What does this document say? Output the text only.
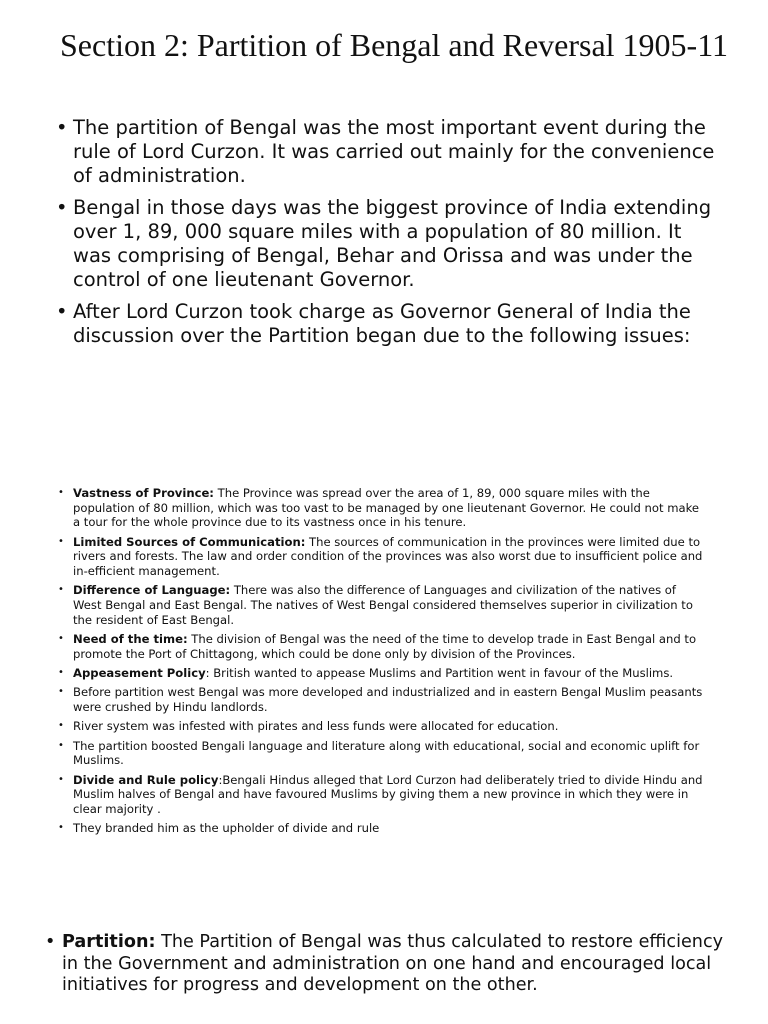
Section 2: Partition of Bengal and Reversal 1905-11
• The partition of Bengal was the most important event during the rule of Lord Curzon. It was carried out mainly for the convenience of administration.
• Bengal in those days was the biggest province of India extending over 1, 89, 000 square miles with a population of 80 million. It was comprising of Bengal, Behar and Orissa and was under the control of one lieutenant Governor.
• After Lord Curzon took charge as Governor General of India the discussion over the Partition began due to the following issues:
• Vastness of Province: The Province was spread over the area of 1, 89, 000 square miles with the population of 80 million, which was too vast to be managed by one lieutenant Governor. He could not make a tour for the whole province due to its vastness once in his tenure.
• Limited Sources of Communication: The sources of communication in the provinces were limited due to rivers and forests. The law and order condition of the provinces was also worst due to insufficient police and in-efficient management.
• Difference of Language: There was also the difference of Languages and civilization of the natives of West Bengal and East Bengal. The natives of West Bengal considered themselves superior in civilization to the resident of East Bengal.
• Need of the time: The division of Bengal was the need of the time to develop trade in East Bengal and to promote the Port of Chittagong, which could be done only by division of the Provinces.
• Appeasement Policy: British wanted to appease Muslims and Partition went in favour of the Muslims.
• Before partition west Bengal was more developed and industrialized and in eastern Bengal Muslim peasants were crushed by Hindu landlords.
• River system was infested with pirates and less funds were allocated for education.
• The partition boosted Bengali language and literature along with educational, social and economic uplift for Muslims.
• Divide and Rule policy:Bengali Hindus alleged that Lord Curzon had deliberately tried to divide Hindu and Muslim halves of Bengal and have favoured Muslims by giving them a new province in which they were in clear majority .
• They branded him as the upholder of divide and rule
• Partition: The Partition of Bengal was thus calculated to restore efficiency in the Government and administration on one hand and encouraged local initiatives for progress and development on the other.
